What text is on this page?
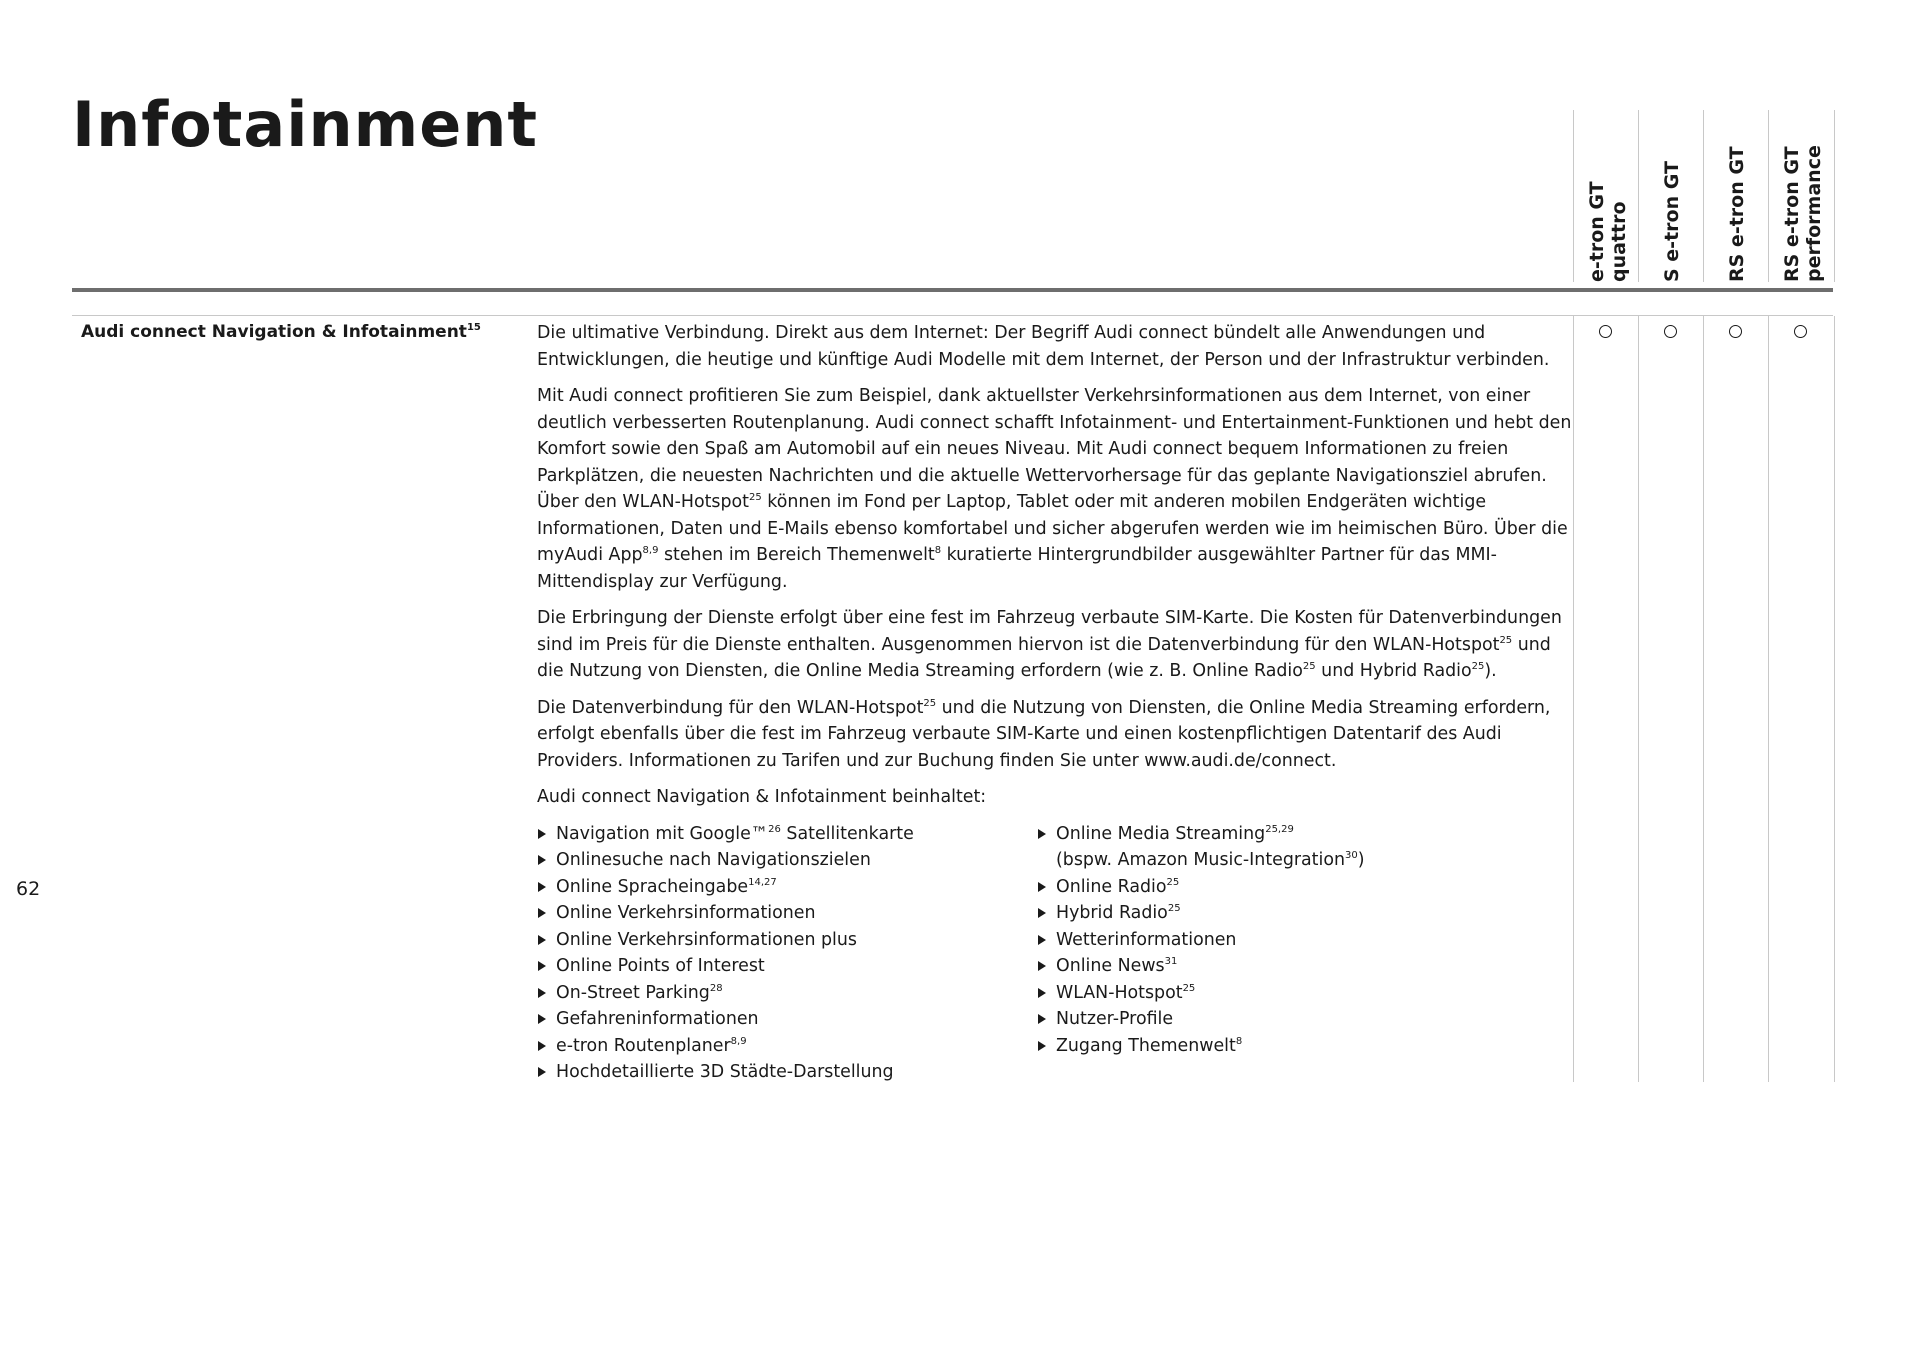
Infotainment
e-tron GT quattro S e-tron GT RS e-tron GT RS e-tron GT performance

Audi connect Navigation & Infotainment$^{15}$	Die ultimative Verbindung. Direkt aus dem Internet: Der Begriff Audi connect bündelt alle Anwendungen und Entwicklungen, die heutige und künftige Audi Modelle mit dem Internet, der Person und der Infrastruktur verbinden.

Mit Audi connect profitieren Sie zum Beispiel, dank aktuellster Verkehrsinformationen aus dem Internet, von einer deutlich verbesserten Routenplanung. Audi connect schafft Infotainment- und Entertainment-Funktionen und hebt den Komfort sowie den Spaß am Automobil auf ein neues Niveau. Mit Audi connect bequem Informationen zu freien Parkplätzen, die neuesten Nachrichten und die aktuelle Wettervorhersage für das geplante Navigationsziel abrufen. Über den WLAN-Hotspot$^{25}$ können im Fond per Laptop, Tablet oder mit anderen mobilen Endgeräten wichtige Informationen, Daten und E-Mails ebenso komfortabel und sicher abgerufen werden wie im heimischen Büro. Über die myAudi App$^{8,9}$ stehen im Bereich Themenwelt$^8$ kuratierte Hintergrundbilder ausgewählter Partner für das MMI-Mittendisplay zur Verfügung.

Die Erbringung der Dienste erfolgt über eine fest im Fahrzeug verbaute SIM-Karte. Die Kosten für Datenverbindungen sind im Preis für die Dienste enthalten. Ausgenommen hiervon ist die Datenverbindung für den WLAN-Hotspot$^{25}$ und die Nutzung von Diensten, die Online Media Streaming erfordern (wie z. B. Online Radio$^{25}$ und Hybrid Radio$^{25}$).

Die Datenverbindung für den WLAN-Hotspot$^{25}$ und die Nutzung von Diensten, die Online Media Streaming erfordern, erfolgt ebenfalls über die fest im Fahrzeug verbaute SIM-Karte und einen kostenpflichtigen Datentarif des Audi Providers. Informationen zu Tarifen und zur Buchung finden Sie unter www.audi.de/connect.

Audi connect Navigation & Infotainment beinhaltet:

Navigation mit Google™$^{26}$ Satellitenkarte
Onlinesuche nach Navigationszielen
Online Spracheingabe$^{14,27}$
Online Verkehrsinformationen
Online Verkehrsinformationen plus
Online Points of Interest
On-Street Parking$^{28}$
Gefahreninformationen
e-tron Routenplaner$^{8,9}$
Hochdetaillierte 3D Städte-Darstellung
Online Media Streaming$^{25,29}$
(bspw. Amazon Music-Integration$^{30}$)
Online Radio$^{25}$
Hybrid Radio$^{25}$
Wetterinformationen
Online News$^{31}$
WLAN-Hotspot$^{25}$
Nutzer-Profile
Zugang Themenwelt$^8$
62
